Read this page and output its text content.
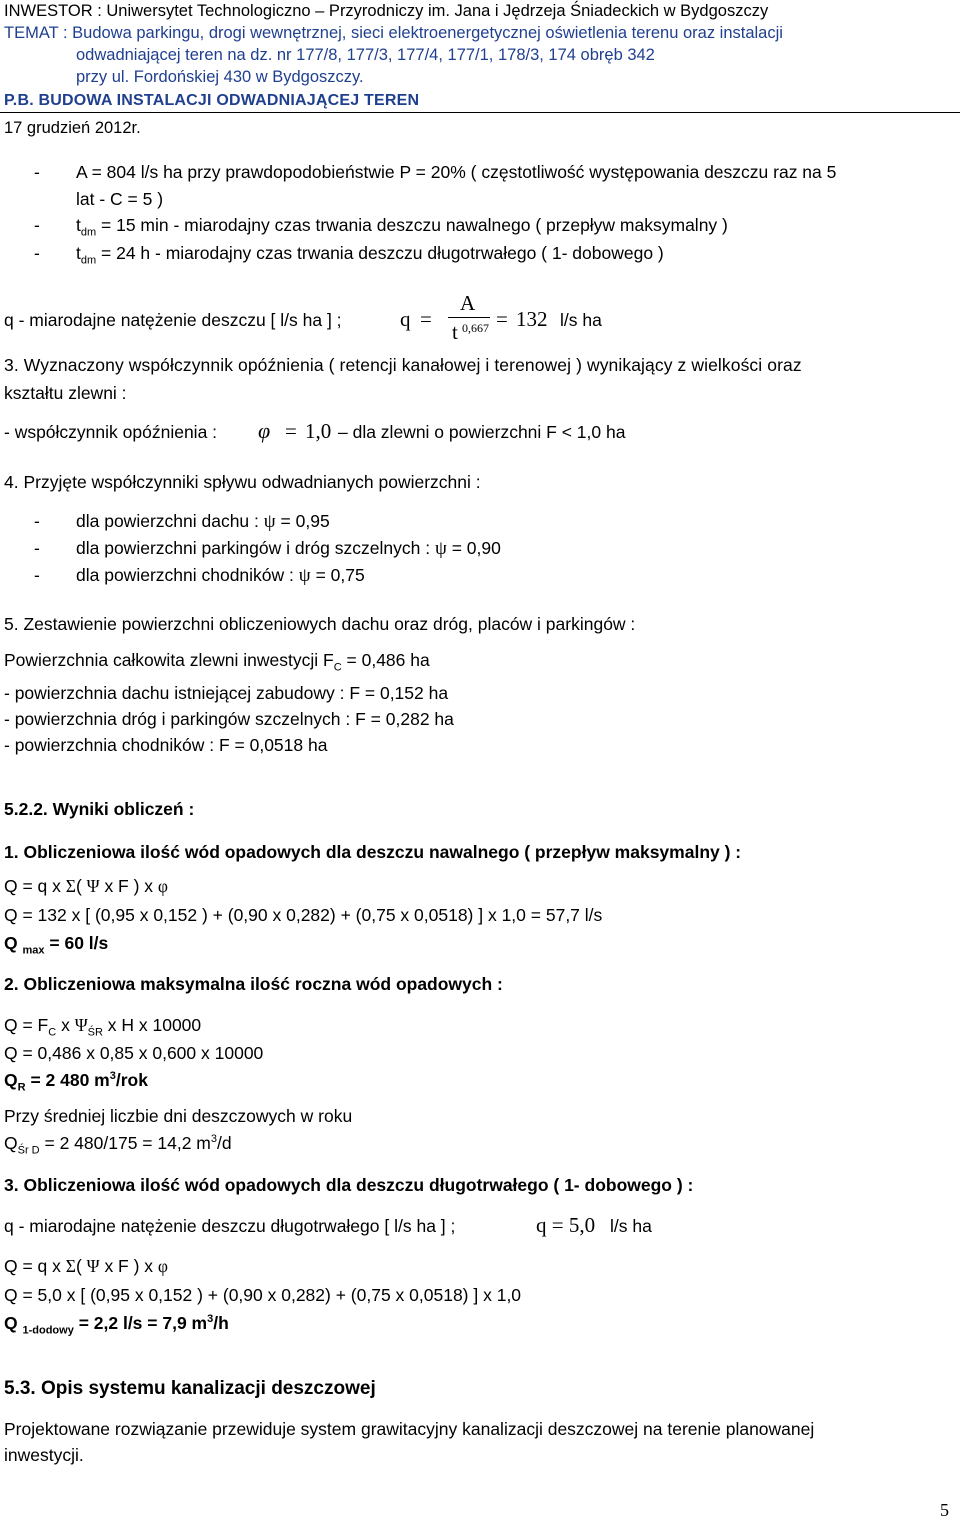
INWESTOR : Uniwersytet Technologiczno – Przyrodniczy im. Jana i Jędrzeja Śniadeckich w Bydgoszczy
TEMAT : Budowa parkingu, drogi wewnętrznej, sieci elektroenergetycznej oświetlenia terenu oraz instalacji
odwadniającej teren na dz. nr 177/8, 177/3, 177/4, 177/1, 178/3, 174 obręb 342
przy ul. Fordońskiej 430 w Bydgoszczy.
P.B. BUDOWA INSTALACJI ODWADNIAJĄCEJ TEREN
17 grudzień 2012r.
- A = 804 l/s ha przy prawdopodobieństwie P = 20% ( częstotliwość występowania deszczu raz na 5
lat - C = 5 )
- $t_{dm} = 15$ min - miarodajny czas trwania deszczu nawalnego ( przepływ maksymalny )
- $t_{dm} = 24$ h - miarodajny czas trwania deszczu długotrwałego ( 1- dobowego )
q - miarodajne natężenie deszczu [ l/s ha ] ;	q =
A
t 0,667 = 132 l/s ha
3. Wyznaczony współczynnik opóźnienia ( retencji kanałowej i terenowej ) wynikający z wielkości oraz
kształtu zlewni :
- współczynnik opóźnienia : φ = 1,0 – dla zlewni o powierzchni F < 1,0 ha
4. Przyjęte współczynniki spływu odwadnianych powierzchni :
- dla powierzchni dachu : ψ = 0,95
- dla powierzchni parkingów i dróg szczelnych : ψ = 0,90
- dla powierzchni chodników : ψ = 0,75
5. Zestawienie powierzchni obliczeniowych dachu oraz dróg, placów i parkingów :
Powierzchnia całkowita zlewni inwestycji $F_C = 0,486$ ha
- powierzchnia dachu istniejącej zabudowy : F = 0,152 ha
- powierzchnia dróg i parkingów szczelnych : F = 0,282 ha
- powierzchnia chodników : F = 0,0518 ha
5.2.2. Wyniki obliczeń :
1. Obliczeniowa ilość wód opadowych dla deszczu nawalnego ( przepływ maksymalny ) :
Q = q x Σ( Ψ x F ) x φ
Q = 132 x [ (0,95 x 0,152 ) + (0,90 x 0,282) + (0,75 x 0,0518) ] x 1,0 = 57,7 l/s
Q $_{max}$ = 60 l/s
2. Obliczeniowa maksymalna ilość roczna wód opadowych :
$Q = F_C$ x $\Psi_{ŚR}$ x H x 10000
Q = 0,486 x 0,85 x 0,600 x 10000
$Q_R = 2$ 480 $m^3$/rok
Przy średniej liczbie dni deszczowych w roku
$Q_{Śr D} = 2$ 480/175 = 14,2 $m^3/d$
3. Obliczeniowa ilość wód opadowych dla deszczu długotrwałego ( 1- dobowego ) :
q - miarodajne natężenie deszczu długotrwałego [ l/s ha ] ;	q = 5,0 l/s ha
Q = q x Σ( Ψ x F ) x φ
Q = 5,0 x [ (0,95 x 0,152 ) + (0,90 x 0,282) + (0,75 x 0,0518) ] x 1,0
Q $_{1-dodowy}$ = 2,2 l/s = 7,9 $m^3/h$
5.3. Opis systemu kanalizacji deszczowej
Projektowane rozwiązanie przewiduje system grawitacyjny kanalizacji deszczowej na terenie planowanej
inwestycji.
5
